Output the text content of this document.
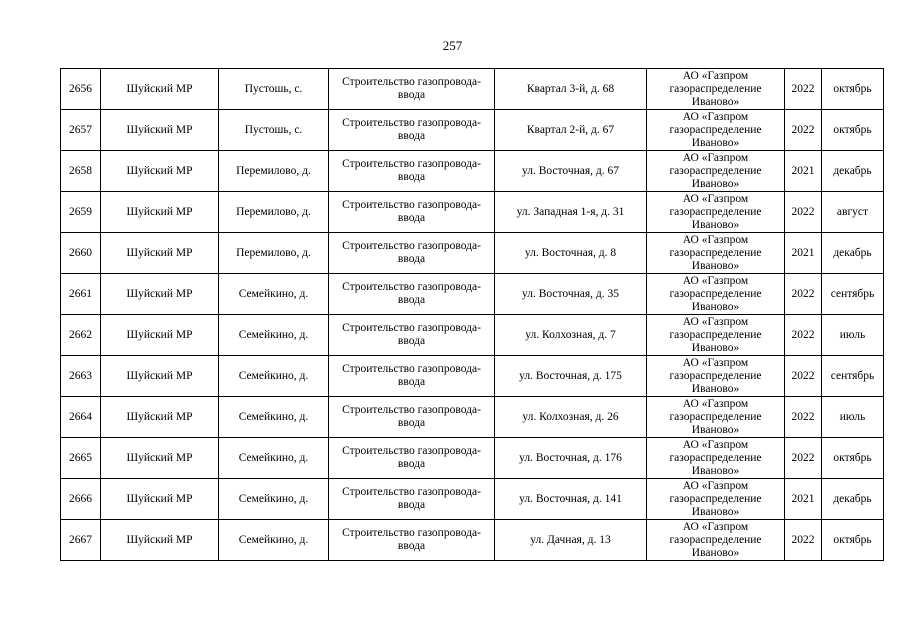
257
2656	Шуйский МР	Пустошь, с.	Строительство газопровода-ввода	Квартал 3-й, д. 68	АО «Газпром
газораспределение
Иваново»	2022	октябрь
2657	Шуйский МР	Пустошь, с.	Строительство газопровода-ввода	Квартал 2-й, д. 67	АО «Газпром
газораспределение
Иваново»	2022	октябрь
2658	Шуйский МР	Перемилово, д.	Строительство газопровода-ввода	ул. Восточная, д. 67	АО «Газпром
газораспределение
Иваново»	2021	декабрь
2659	Шуйский МР	Перемилово, д.	Строительство газопровода-ввода	ул. Западная 1-я, д. 31	АО «Газпром
газораспределение
Иваново»	2022	август
2660	Шуйский МР	Перемилово, д.	Строительство газопровода-ввода	ул. Восточная, д. 8	АО «Газпром
газораспределение
Иваново»	2021	декабрь
2661	Шуйский МР	Семейкино, д.	Строительство газопровода-ввода	ул. Восточная, д. 35	АО «Газпром
газораспределение
Иваново»	2022	сентябрь
2662	Шуйский МР	Семейкино, д.	Строительство газопровода-ввода	ул. Колхозная, д. 7	АО «Газпром
газораспределение
Иваново»	2022	июль
2663	Шуйский МР	Семейкино, д.	Строительство газопровода-ввода	ул. Восточная, д. 175	АО «Газпром
газораспределение
Иваново»	2022	сентябрь
2664	Шуйский МР	Семейкино, д.	Строительство газопровода-ввода	ул. Колхозная, д. 26	АО «Газпром
газораспределение
Иваново»	2022	июль
2665	Шуйский МР	Семейкино, д.	Строительство газопровода-ввода	ул. Восточная, д. 176	АО «Газпром
газораспределение
Иваново»	2022	октябрь
2666	Шуйский МР	Семейкино, д.	Строительство газопровода-ввода	ул. Восточная, д. 141	АО «Газпром
газораспределение
Иваново»	2021	декабрь
2667	Шуйский МР	Семейкино, д.	Строительство газопровода-ввода	ул. Дачная, д. 13	АО «Газпром
газораспределение
Иваново»	2022	октябрь
